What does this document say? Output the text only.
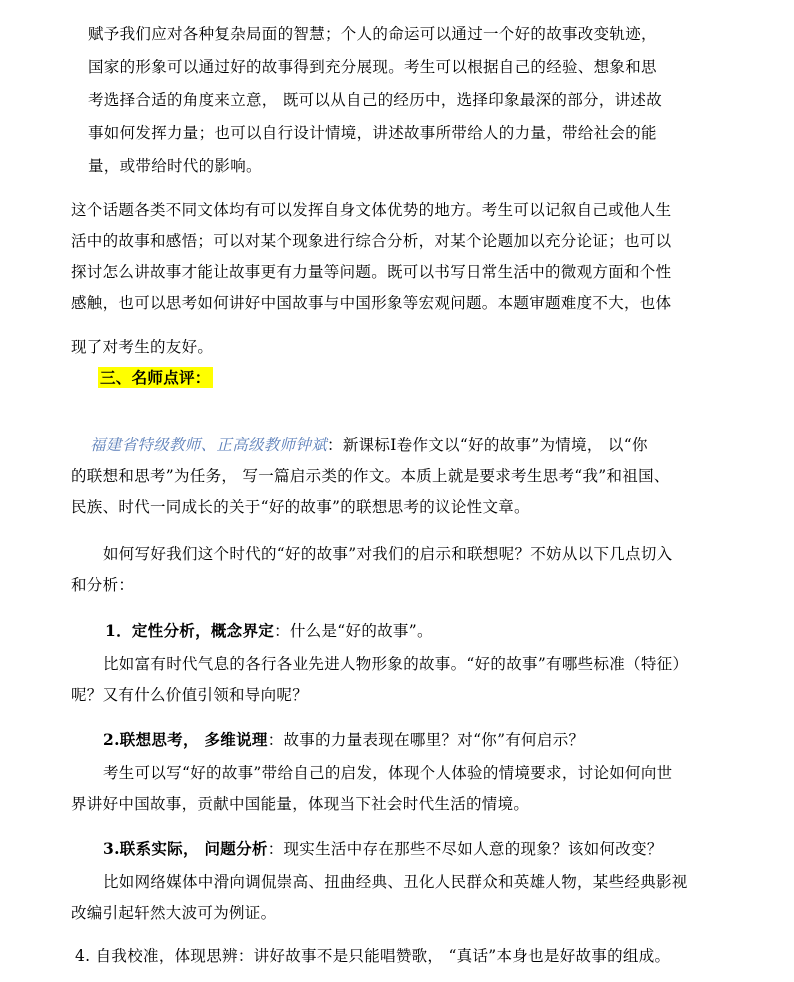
赋予我们应对各种复杂局面的智慧；个人的命运可以通过一个好的故事改变轨迹，
国家的形象可以通过好的故事得到充分展现。考生可以根据自己的经验、想象和思
考选择合适的角度来立意， 既可以从自己的经历中，选择印象最深的部分，讲述故
事如何发挥力量；也可以自行设计情境，讲述故事所带给人的力量，带给社会的能
量，或带给时代的影响。
这个话题各类不同文体均有可以发挥自身文体优势的地方。考生可以记叙自己或他人生
活中的故事和感悟；可以对某个现象进行综合分析，对某个论题加以充分论证；也可以
探讨怎么讲故事才能让故事更有力量等问题。既可以书写日常生活中的微观方面和个性
感触，也可以思考如何讲好中国故事与中国形象等宏观问题。本题审题难度不大，也体
现了对考生的友好。
三、名师点评：
福建省特级教师、正高级教师钟斌：新课标Ⅰ卷作文以“好的故事”为情境， 以“你
的联想和思考”为任务， 写一篇启示类的作文。本质上就是要求考生思考“我”和祖国、
民族、时代一同成长的关于“好的故事”的联想思考的议论性文章。
如何写好我们这个时代的“好的故事”对我们的启示和联想呢？不妨从以下几点切入
和分析：
1．定性分析，概念界定：什么是“好的故事”。
比如富有时代气息的各行各业先进人物形象的故事。“好的故事”有哪些标准（特征）
呢？又有什么价值引领和导向呢？
2.联想思考， 多维说理：故事的力量表现在哪里？对“你”有何启示？
考生可以写“好的故事”带给自己的启发，体现个人体验的情境要求，讨论如何向世
界讲好中国故事，贡献中国能量，体现当下社会时代生活的情境。
3.联系实际， 问题分析：现实生活中存在那些不尽如人意的现象？该如何改变？
比如网络媒体中滑向调侃崇高、扭曲经典、丑化人民群众和英雄人物，某些经典影视
改编引起轩然大波可为例证。
4. 自我校准，体现思辨：讲好故事不是只能唱赞歌， “真话”本身也是好故事的组成。
